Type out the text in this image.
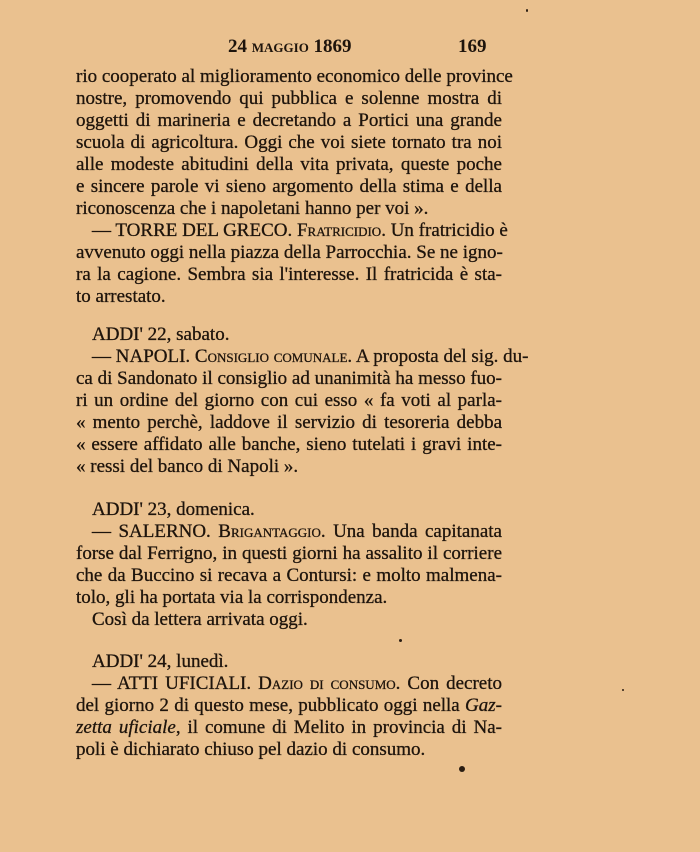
24 maggio 1869	169
rio cooperato al miglioramento economico delle province
nostre, promovendo qui pubblica e solenne mostra di
oggetti di marineria e decretando a Portici una grande
scuola di agricoltura. Oggi che voi siete tornato tra noi
alle modeste abitudini della vita privata, queste poche
e sincere parole vi sieno argomento della stima e della
riconoscenza che i napoletani hanno per voi ».
— TORRE DEL GRECO. Fratricidio. Un fratricidio è
avvenuto oggi nella piazza della Parrocchia. Se ne igno-
ra la cagione. Sembra sia l'interesse. Il fratricida è sta-
to arrestato.
ADDI' 22, sabato.
— NAPOLI. Consiglio comunale. A proposta del sig. du-
ca di Sandonato il consiglio ad unanimità ha messo fuo-
ri un ordine del giorno con cui esso « fa voti al parla-
« mento perchè, laddove il servizio di tesoreria debba
« essere affidato alle banche, sieno tutelati i gravi inte-
« ressi del banco di Napoli ».
ADDI' 23, domenica.
— SALERNO. Brigantaggio. Una banda capitanata
forse dal Ferrigno, in questi giorni ha assalito il corriere
che da Buccino si recava a Contursi: e molto malmena-
tolo, gli ha portata via la corrispondenza.
Così da lettera arrivata oggi.
ADDI' 24, lunedì.
— ATTI UFICIALI. Dazio di consumo. Con decreto
del giorno 2 di questo mese, pubblicato oggi nella Gaz-
zetta uficiale, il comune di Melito in provincia di Na-
poli è dichiarato chiuso pel dazio di consumo.
